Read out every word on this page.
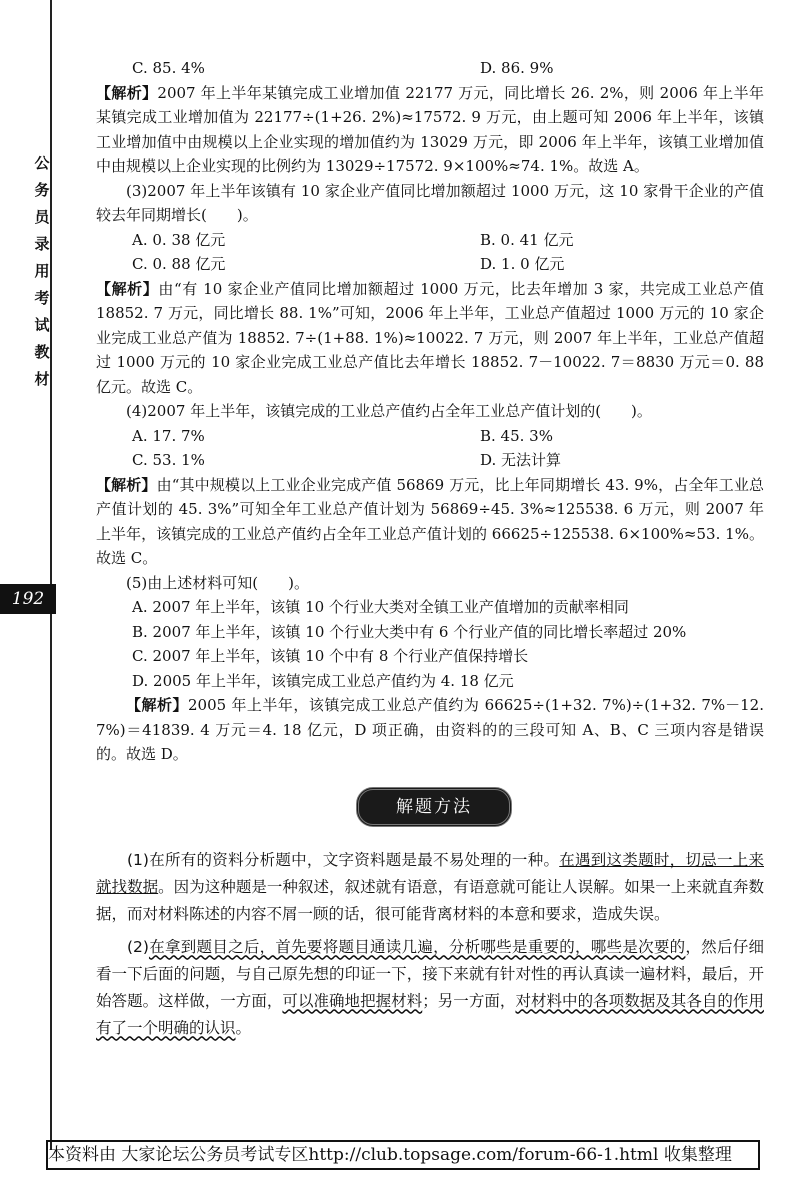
公
务
员
录
用
考
试
教
材
192
C. 85. 4%	D. 86. 9%
【解析】2007 年上半年某镇完成工业增加值 22177 万元，同比增长 26. 2%，则 2006 年上半年某镇完成工业增加值为 22177÷(1+26. 2%)≈17572. 9 万元，由上题可知 2006 年上半年，该镇工业增加值中由规模以上企业实现的增加值约为 13029 万元，即 2006 年上半年，该镇工业增加值中由规模以上企业实现的比例约为 13029÷17572. 9×100%≈74. 1%。故选 A。
(3)2007 年上半年该镇有 10 家企业产值同比增加额超过 1000 万元，这 10 家骨干企业的产值较去年同期增长(　　)。
A. 0. 38 亿元	B. 0. 41 亿元
C. 0. 88 亿元	D. 1. 0 亿元
【解析】由“有 10 家企业产值同比增加额超过 1000 万元，比去年增加 3 家，共完成工业总产值 18852. 7 万元，同比增长 88. 1%”可知，2006 年上半年，工业总产值超过 1000 万元的 10 家企业完成工业总产值为 18852. 7÷(1+88. 1%)≈10022. 7 万元，则 2007 年上半年，工业总产值超过 1000 万元的 10 家企业完成工业总产值比去年增长 18852. 7－10022. 7＝8830 万元＝0. 88 亿元。故选 C。
(4)2007 年上半年，该镇完成的工业总产值约占全年工业总产值计划的(　　)。
A. 17. 7%	B. 45. 3%
C. 53. 1%	D. 无法计算
【解析】由“其中规模以上工业企业完成产值 56869 万元，比上年同期增长 43. 9%，占全年工业总产值计划的 45. 3%”可知全年工业总产值计划为 56869÷45. 3%≈125538. 6 万元，则 2007 年上半年，该镇完成的工业总产值约占全年工业总产值计划的 66625÷125538. 6×100%≈53. 1%。故选 C。
(5)由上述材料可知(　　)。
A. 2007 年上半年，该镇 10 个行业大类对全镇工业产值增加的贡献率相同
B. 2007 年上半年，该镇 10 个行业大类中有 6 个行业产值的同比增长率超过 20%
C. 2007 年上半年，该镇 10 个中有 8 个行业产值保持增长
D. 2005 年上半年，该镇完成工业总产值约为 4. 18 亿元
【解析】2005 年上半年，该镇完成工业总产值约为 66625÷(1+32. 7%)÷(1+32. 7%－12. 7%)＝41839. 4 万元＝4. 18 亿元，D 项正确，由资料的的三段可知 A、B、C 三项内容是错误的。故选 D。
解题方法
(1)在所有的资料分析题中，文字资料题是最不易处理的一种。在遇到这类题时，切忌一上来就找数据。因为这种题是一种叙述，叙述就有语意，有语意就可能让人误解。如果一上来就直奔数据，而对材料陈述的内容不屑一顾的话，很可能背离材料的本意和要求，造成失误。
(2)在拿到题目之后，首先要将题目通读几遍，分析哪些是重要的，哪些是次要的，然后仔细看一下后面的问题，与自己原先想的印证一下，接下来就有针对性的再认真读一遍材料，最后，开始答题。这样做，一方面，可以准确地把握材料；另一方面，对材料中的各项数据及其各自的作用有了一个明确的认识。
本资料由 大家论坛公务员考试专区http://club.topsage.com/forum-66-1.html 收集整理
